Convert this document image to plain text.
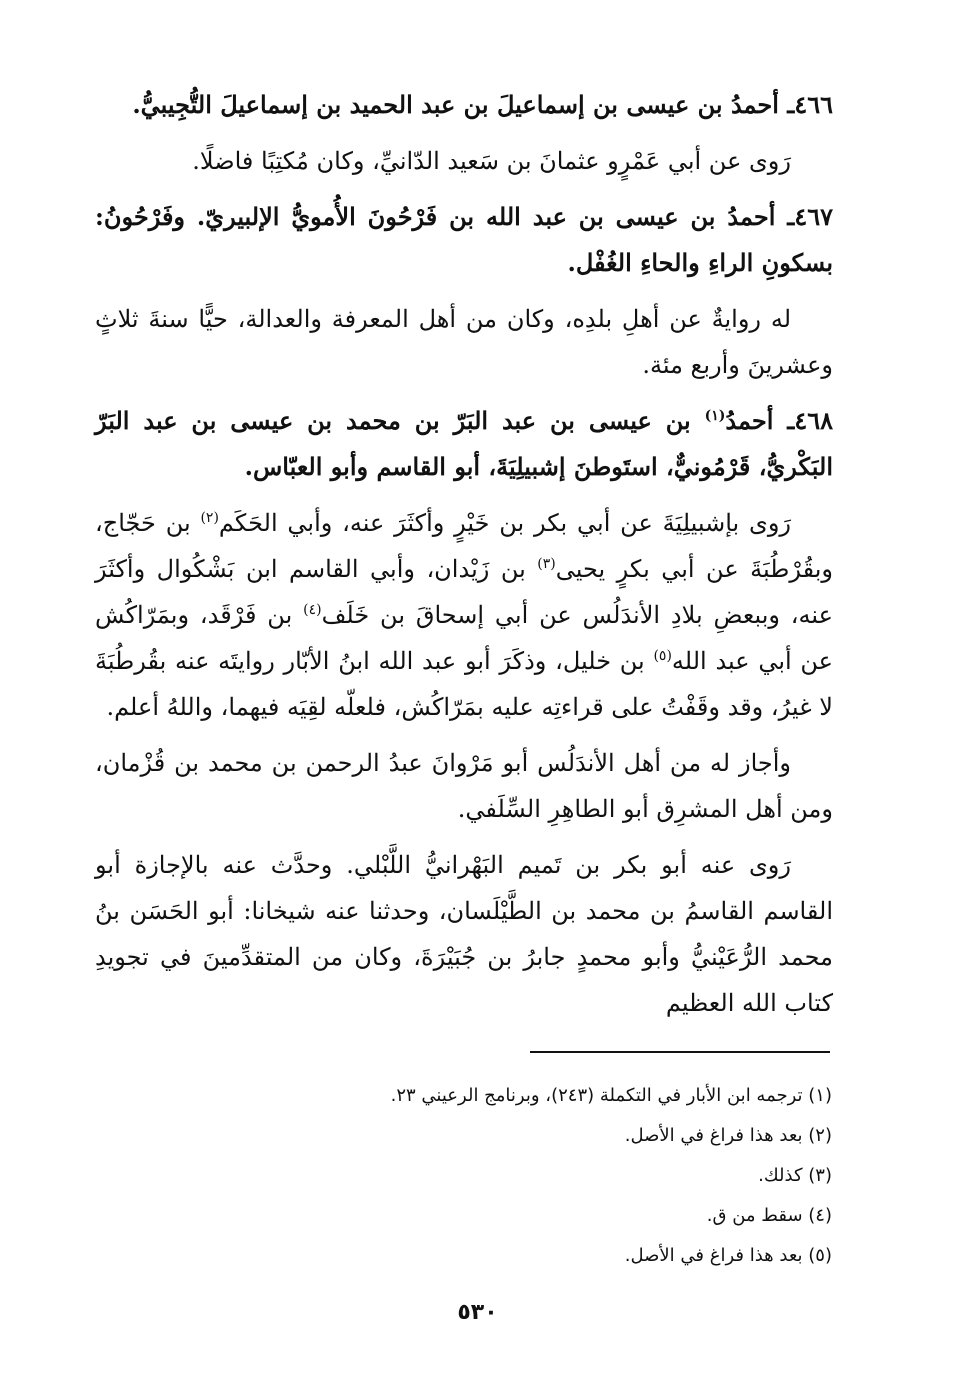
٤٦٦ـ أحمدُ بن عيسى بن إسماعيلَ بن عبد الحميد بن إسماعيلَ التُّجِيبيُّ.

رَوى عن أبي عَمْرٍو عثمانَ بن سَعيد الدّانيِّ، وكان مُكتِبًا فاضلًا.

٤٦٧ـ أحمدُ بن عيسى بن عبد الله بن فَرْحُونَ الأُمويُّ الإلبيريّ. وفَرْحُونُ: بسكونِ الراءِ والحاءِ الغُفْل.

له روايةٌ عن أهلِ بلدِه، وكان من أهل المعرفة والعدالة، حيًّا سنةَ ثلاثٍ وعشرينَ وأربع مئة.

٤٦٨ـ أحمدُ$^{(١)}$ بن عيسى بن عبد البَرّ بن محمد بن عيسى بن عبد البَرّ البَكْريُّ، قَرْمُونيٌّ، استَوطنَ إشبيلِيَةَ، أبو القاسم وأبو العبّاس.

رَوى بإشبيلِيَةَ عن أبي بكر بن خَيْرٍ وأكثَرَ عنه، وأبي الحَكَم$^{(٢)}$ بن حَجّاج، وبقُرْطُبَةَ عن أبي بكرٍ يحيى$^{(٣)}$ بن زَيْدان، وأبي القاسم ابن بَشْكُوال وأكثَرَ عنه، وببعضِ بلادِ الأندَلُس عن أبي إسحاقَ بن خَلَف$^{(٤)}$ بن فَرْقَد، وبمَرّاكُش عن أبي عبد الله$^{(٥)}$ بن خليل، وذكَرَ أبو عبد الله ابنُ الأبّار روايتَه عنه بقُرطُبَةَ لا غيرُ، وقد وقَفْتُ على قراءتِه عليه بمَرّاكُش، فلعلّه لقِيَه فيهما، واللهُ أعلم.

وأجاز له من أهل الأندَلُس أبو مَرْوانَ عبدُ الرحمن بن محمد بن قُزْمان، ومن أهل المشرِق أبو الطاهِرِ السِّلَفي.

رَوى عنه أبو بكر بن تَميم البَهْرانيُّ اللَّبْلي. وحدَّث عنه بالإجازة أبو القاسم القاسمُ بن محمد بن الطَّيْلَسان، وحدثنا عنه شيخانا: أبو الحَسَن بنُ محمد الرُّعَيْنيُّ وأبو محمدٍ جابرُ بن جُبَيْرَةَ، وكان من المتقدِّمينَ في تجويدِ كتاب الله العظيم

(١) ترجمه ابن الأبار في التكملة (٢٤٣)، وبرنامج الرعيني ٢٣.

(٢) بعد هذا فراغ في الأصل.

(٣) كذلك.

(٤) سقط من ق.

(٥) بعد هذا فراغ في الأصل.

٥٣٠
